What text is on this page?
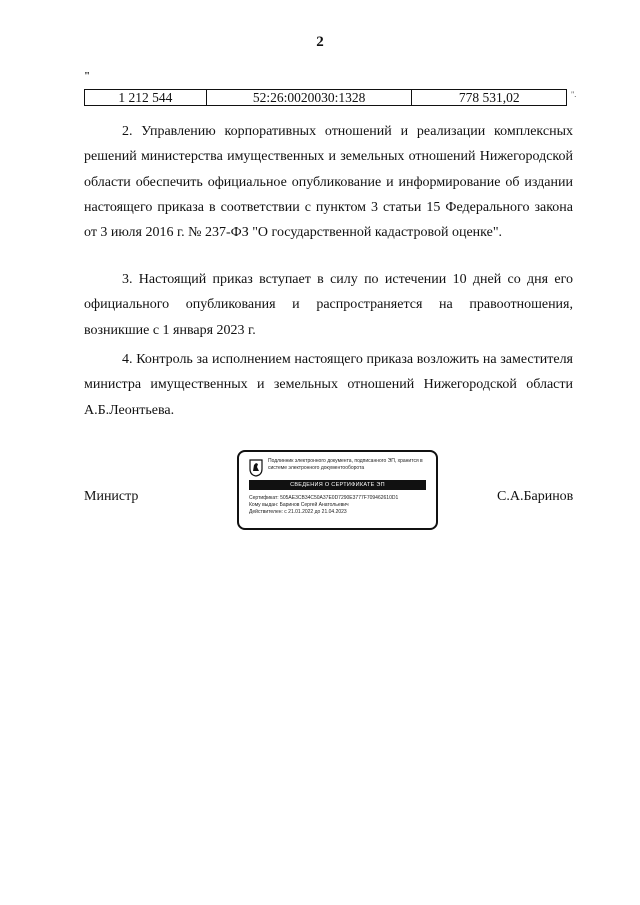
2
"
1 212 544	52:26:0020030:1328	778 531,02	".
2. Управлению корпоративных отношений и реализации комплексных решений министерства имущественных и земельных отношений Нижегородской области обеспечить официальное опубликование и информирование об издании настоящего приказа в соответствии с пунктом 3 статьи 15 Федерального закона от 3 июля 2016 г. № 237-ФЗ "О государственной кадастровой оценке".
3. Настоящий приказ вступает в силу по истечении 10 дней со дня его официального опубликования и распространяется на правоотношения, возникшие с 1 января 2023 г.
4. Контроль за исполнением настоящего приказа возложить на заместителя министра имущественных и земельных отношений Нижегородской области А.Б.Леонтьева.
Министр	С.А.Баринов
Подлинник электронного документа, подписанного ЭП, хранится в системе электронного документооборота
СВЕДЕНИЯ О СЕРТИФИКАТЕ ЭП
Сертификат: 505AE3CB34C50A37E0D7290E3777F709462610D1
Кому выдан: Баринов Сергей Анатольевич
Действителен: с 21.01.2022 до 21.04.2023
